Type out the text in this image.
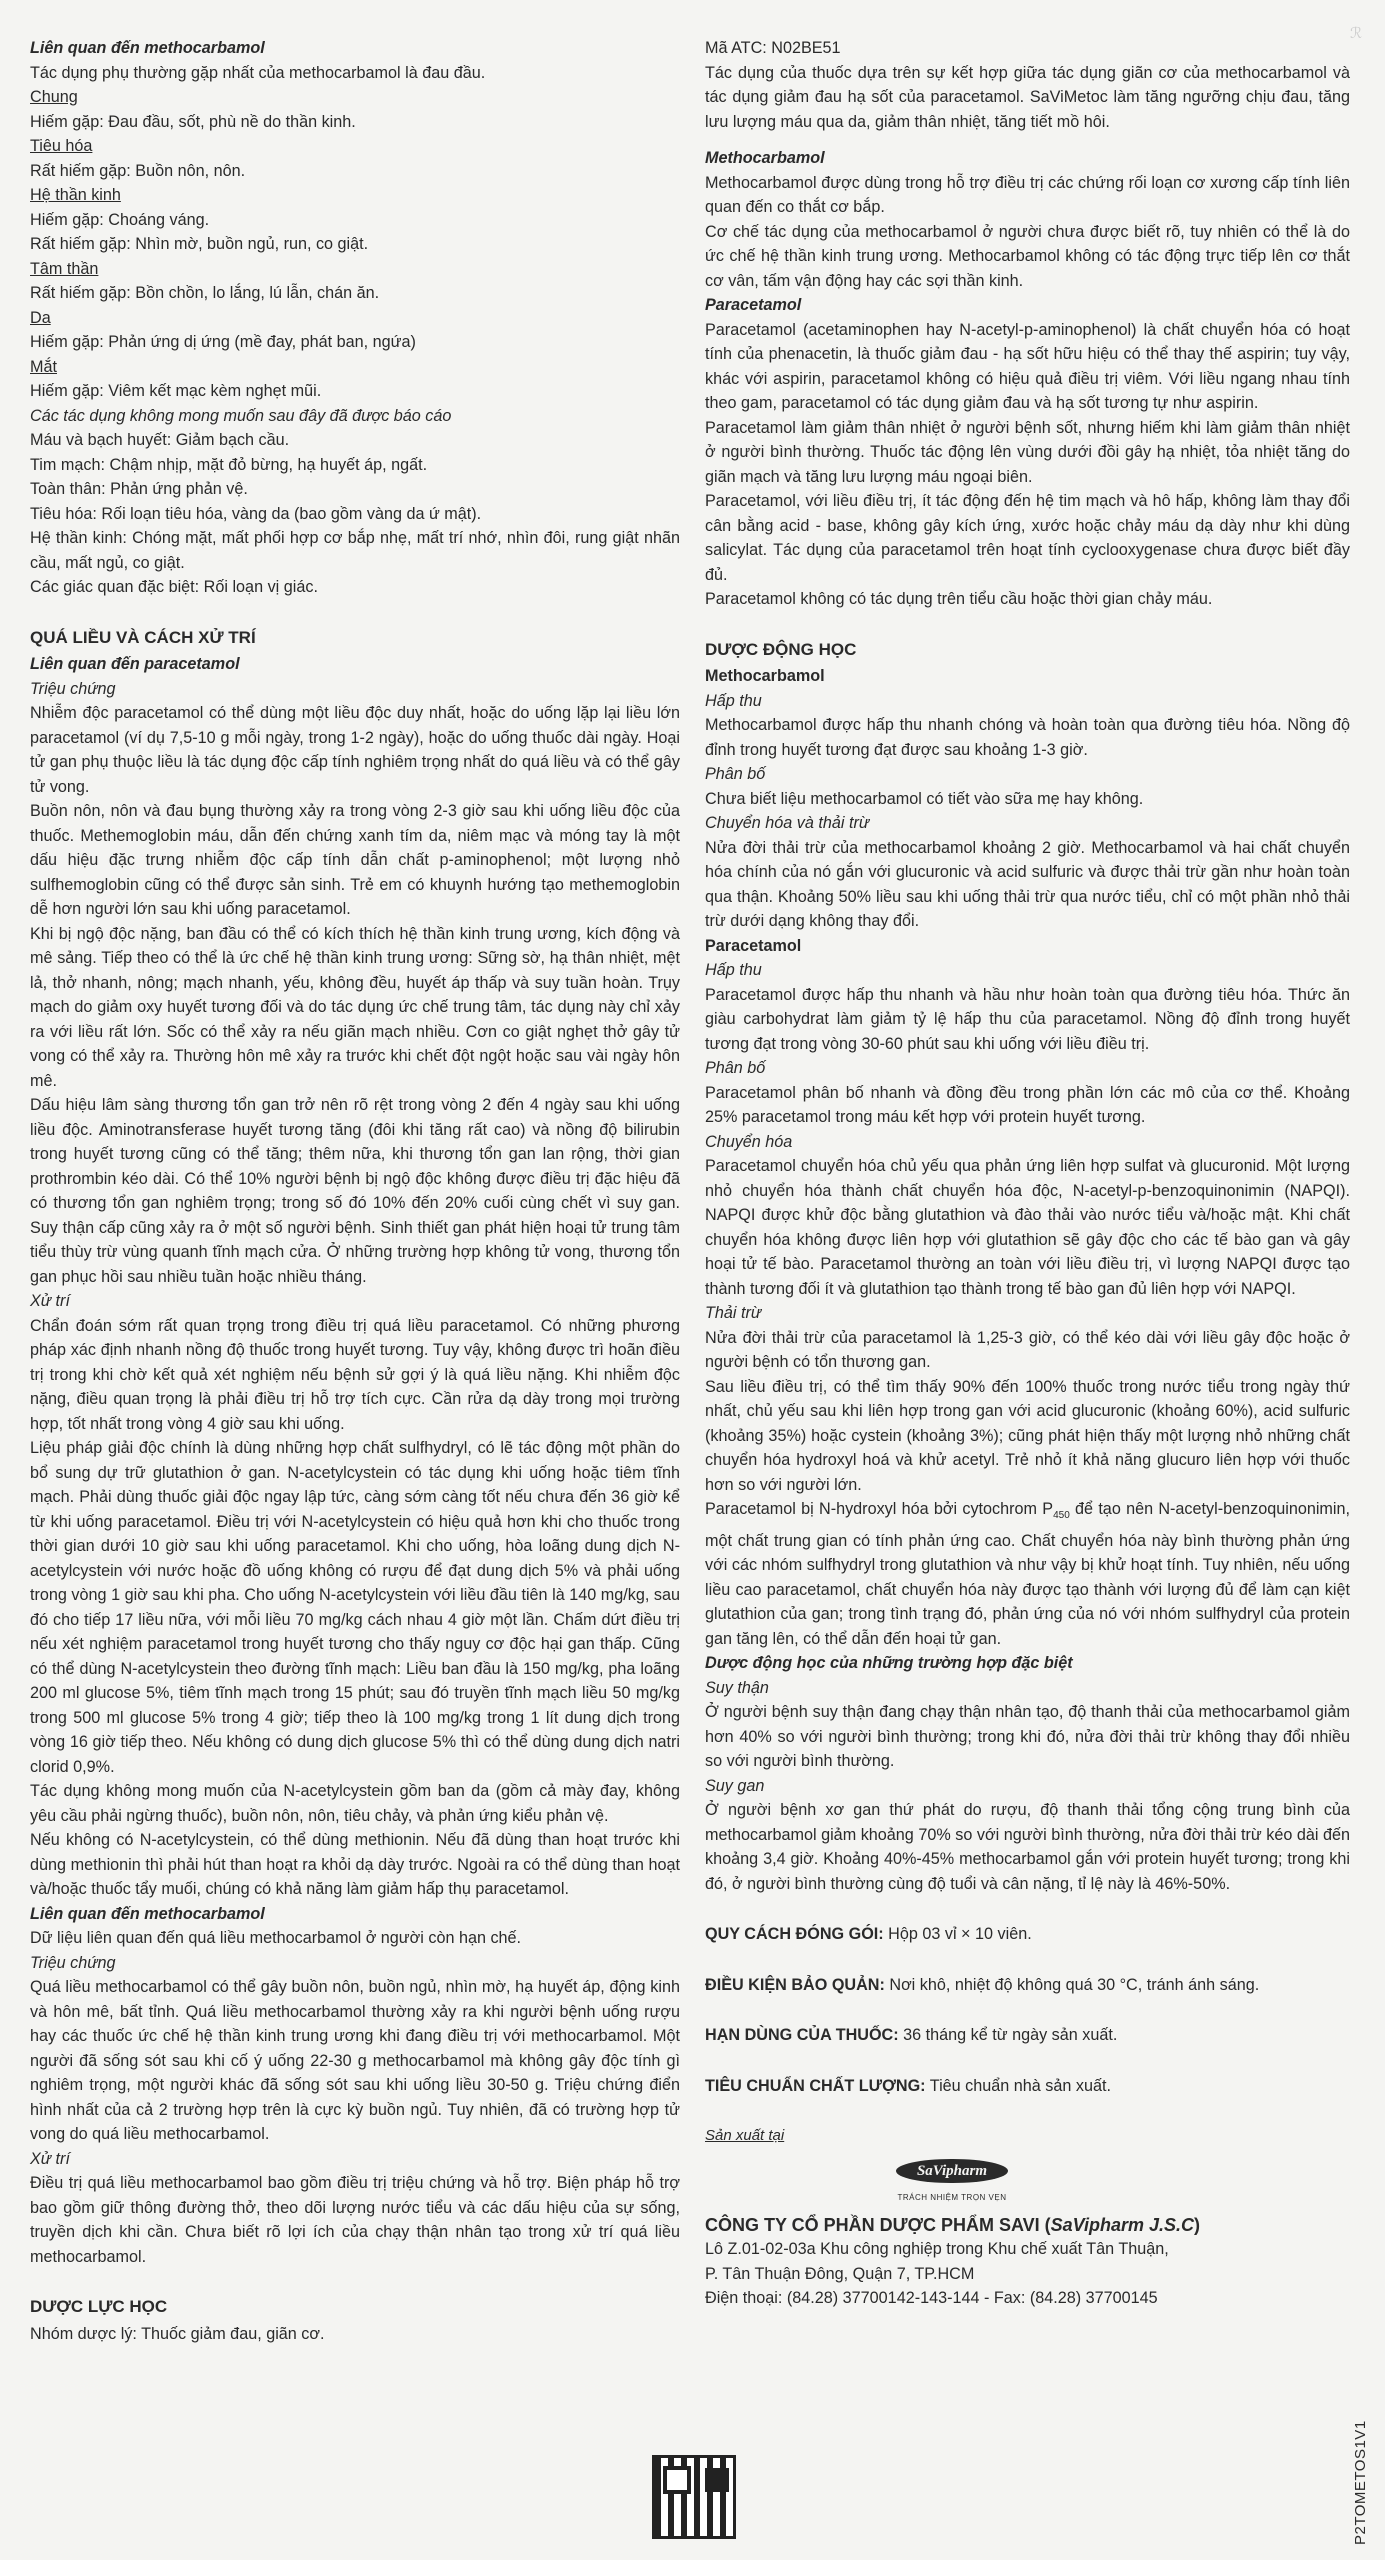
ℛ

Liên quan đến methocarbamol

Tác dụng phụ thường gặp nhất của methocarbamol là đau đầu.

Chung

Hiếm gặp: Đau đầu, sốt, phù nề do thần kinh.

Tiêu hóa

Rất hiếm gặp: Buồn nôn, nôn.

Hệ thần kinh

Hiếm gặp: Choáng váng.

Rất hiếm gặp: Nhìn mờ, buồn ngủ, run, co giật.

Tâm thần

Rất hiếm gặp: Bồn chồn, lo lắng, lú lẫn, chán ăn.

Da

Hiếm gặp: Phản ứng dị ứng (mề đay, phát ban, ngứa)

Mắt

Hiếm gặp: Viêm kết mạc kèm nghẹt mũi.

Các tác dụng không mong muốn sau đây đã được báo cáo

Máu và bạch huyết: Giảm bạch cầu.

Tim mạch: Chậm nhịp, mặt đỏ bừng, hạ huyết áp, ngất.

Toàn thân: Phản ứng phản vệ.

Tiêu hóa: Rối loạn tiêu hóa, vàng da (bao gồm vàng da ứ mật).

Hệ thần kinh: Chóng mặt, mất phối hợp cơ bắp nhẹ, mất trí nhớ, nhìn đôi, rung giật nhãn cầu, mất ngủ, co giật.

Các giác quan đặc biệt: Rối loạn vị giác.

QUÁ LIỀU VÀ CÁCH XỬ TRÍ

Liên quan đến paracetamol

Triệu chứng

Nhiễm độc paracetamol có thể dùng một liều độc duy nhất, hoặc do uống lặp lại liều lớn paracetamol (ví dụ 7,5-10 g mỗi ngày, trong 1-2 ngày), hoặc do uống thuốc dài ngày. Hoại tử gan phụ thuộc liều là tác dụng độc cấp tính nghiêm trọng nhất do quá liều và có thể gây tử vong.

Buồn nôn, nôn và đau bụng thường xảy ra trong vòng 2-3 giờ sau khi uống liều độc của thuốc. Methemoglobin máu, dẫn đến chứng xanh tím da, niêm mạc và móng tay là một dấu hiệu đặc trưng nhiễm độc cấp tính dẫn chất p-aminophenol; một lượng nhỏ sulfhemoglobin cũng có thể được sản sinh. Trẻ em có khuynh hướng tạo methemoglobin dễ hơn người lớn sau khi uống paracetamol.

Khi bị ngộ độc nặng, ban đầu có thể có kích thích hệ thần kinh trung ương, kích động và mê sảng. Tiếp theo có thể là ức chế hệ thần kinh trung ương: Sững sờ, hạ thân nhiệt, mệt lả, thở nhanh, nông; mạch nhanh, yếu, không đều, huyết áp thấp và suy tuần hoàn. Trụy mạch do giảm oxy huyết tương đối và do tác dụng ức chế trung tâm, tác dụng này chỉ xảy ra với liều rất lớn. Sốc có thể xảy ra nếu giãn mạch nhiều. Cơn co giật nghẹt thở gây tử vong có thể xảy ra. Thường hôn mê xảy ra trước khi chết đột ngột hoặc sau vài ngày hôn mê.

Dấu hiệu lâm sàng thương tổn gan trở nên rõ rệt trong vòng 2 đến 4 ngày sau khi uống liều độc. Aminotransferase huyết tương tăng (đôi khi tăng rất cao) và nồng độ bilirubin trong huyết tương cũng có thể tăng; thêm nữa, khi thương tổn gan lan rộng, thời gian prothrombin kéo dài. Có thể 10% người bệnh bị ngộ độc không được điều trị đặc hiệu đã có thương tổn gan nghiêm trọng; trong số đó 10% đến 20% cuối cùng chết vì suy gan. Suy thận cấp cũng xảy ra ở một số người bệnh. Sinh thiết gan phát hiện hoại tử trung tâm tiểu thùy trừ vùng quanh tĩnh mạch cửa. Ở những trường hợp không tử vong, thương tổn gan phục hồi sau nhiều tuần hoặc nhiều tháng.

Xử trí

Chẩn đoán sớm rất quan trọng trong điều trị quá liều paracetamol. Có những phương pháp xác định nhanh nồng độ thuốc trong huyết tương. Tuy vậy, không được trì hoãn điều trị trong khi chờ kết quả xét nghiệm nếu bệnh sử gợi ý là quá liều nặng. Khi nhiễm độc nặng, điều quan trọng là phải điều trị hỗ trợ tích cực. Cần rửa dạ dày trong mọi trường hợp, tốt nhất trong vòng 4 giờ sau khi uống.

Liệu pháp giải độc chính là dùng những hợp chất sulfhydryl, có lẽ tác động một phần do bổ sung dự trữ glutathion ở gan. N-acetylcystein có tác dụng khi uống hoặc tiêm tĩnh mạch. Phải dùng thuốc giải độc ngay lập tức, càng sớm càng tốt nếu chưa đến 36 giờ kể từ khi uống paracetamol. Điều trị với N-acetylcystein có hiệu quả hơn khi cho thuốc trong thời gian dưới 10 giờ sau khi uống paracetamol. Khi cho uống, hòa loãng dung dịch N-acetylcystein với nước hoặc đồ uống không có rượu để đạt dung dịch 5% và phải uống trong vòng 1 giờ sau khi pha. Cho uống N-acetylcystein với liều đầu tiên là 140 mg/kg, sau đó cho tiếp 17 liều nữa, với mỗi liều 70 mg/kg cách nhau 4 giờ một lần. Chấm dứt điều trị nếu xét nghiệm paracetamol trong huyết tương cho thấy nguy cơ độc hại gan thấp. Cũng có thể dùng N-acetylcystein theo đường tĩnh mạch: Liều ban đầu là 150 mg/kg, pha loãng 200 ml glucose 5%, tiêm tĩnh mạch trong 15 phút; sau đó truyền tĩnh mạch liều 50 mg/kg trong 500 ml glucose 5% trong 4 giờ; tiếp theo là 100 mg/kg trong 1 lít dung dịch trong vòng 16 giờ tiếp theo. Nếu không có dung dịch glucose 5% thì có thể dùng dung dịch natri clorid 0,9%.

Tác dụng không mong muốn của N-acetylcystein gồm ban da (gồm cả mày đay, không yêu cầu phải ngừng thuốc), buồn nôn, nôn, tiêu chảy, và phản ứng kiểu phản vệ.

Nếu không có N-acetylcystein, có thể dùng methionin. Nếu đã dùng than hoạt trước khi dùng methionin thì phải hút than hoạt ra khỏi dạ dày trước. Ngoài ra có thể dùng than hoạt và/hoặc thuốc tẩy muối, chúng có khả năng làm giảm hấp thụ paracetamol.

Liên quan đến methocarbamol

Dữ liệu liên quan đến quá liều methocarbamol ở người còn hạn chế.

Triệu chứng

Quá liều methocarbamol có thể gây buồn nôn, buồn ngủ, nhìn mờ, hạ huyết áp, động kinh và hôn mê, bất tỉnh. Quá liều methocarbamol thường xảy ra khi người bệnh uống rượu hay các thuốc ức chế hệ thần kinh trung ương khi đang điều trị với methocarbamol. Một người đã sống sót sau khi cố ý uống 22-30 g methocarbamol mà không gây độc tính gì nghiêm trọng, một người khác đã sống sót sau khi uống liều 30-50 g. Triệu chứng điển hình nhất của cả 2 trường hợp trên là cực kỳ buồn ngủ. Tuy nhiên, đã có trường hợp tử vong do quá liều methocarbamol.

Xử trí

Điều trị quá liều methocarbamol bao gồm điều trị triệu chứng và hỗ trợ. Biện pháp hỗ trợ bao gồm giữ thông đường thở, theo dõi lượng nước tiểu và các dấu hiệu của sự sống, truyền dịch khi cần. Chưa biết rõ lợi ích của chạy thận nhân tạo trong xử trí quá liều methocarbamol.

DƯỢC LỰC HỌC

Nhóm dược lý: Thuốc giảm đau, giãn cơ.

Mã ATC: N02BE51

Tác dụng của thuốc dựa trên sự kết hợp giữa tác dụng giãn cơ của methocarbamol và tác dụng giảm đau hạ sốt của paracetamol. SaViMetoc làm tăng ngưỡng chịu đau, tăng lưu lượng máu qua da, giảm thân nhiệt, tăng tiết mồ hôi.

Methocarbamol

Methocarbamol được dùng trong hỗ trợ điều trị các chứng rối loạn cơ xương cấp tính liên quan đến co thắt cơ bắp.

Cơ chế tác dụng của methocarbamol ở người chưa được biết rõ, tuy nhiên có thể là do ức chế hệ thần kinh trung ương. Methocarbamol không có tác động trực tiếp lên cơ thắt cơ vân, tấm vận động hay các sợi thần kinh.

Paracetamol

Paracetamol (acetaminophen hay N-acetyl-p-aminophenol) là chất chuyển hóa có hoạt tính của phenacetin, là thuốc giảm đau - hạ sốt hữu hiệu có thể thay thế aspirin; tuy vậy, khác với aspirin, paracetamol không có hiệu quả điều trị viêm. Với liều ngang nhau tính theo gam, paracetamol có tác dụng giảm đau và hạ sốt tương tự như aspirin.

Paracetamol làm giảm thân nhiệt ở người bệnh sốt, nhưng hiếm khi làm giảm thân nhiệt ở người bình thường. Thuốc tác động lên vùng dưới đồi gây hạ nhiệt, tỏa nhiệt tăng do giãn mạch và tăng lưu lượng máu ngoại biên.

Paracetamol, với liều điều trị, ít tác động đến hệ tim mạch và hô hấp, không làm thay đổi cân bằng acid - base, không gây kích ứng, xước hoặc chảy máu dạ dày như khi dùng salicylat. Tác dụng của paracetamol trên hoạt tính cyclooxygenase chưa được biết đầy đủ.

Paracetamol không có tác dụng trên tiểu cầu hoặc thời gian chảy máu.

DƯỢC ĐỘNG HỌC

Methocarbamol

Hấp thu

Methocarbamol được hấp thu nhanh chóng và hoàn toàn qua đường tiêu hóa. Nồng độ đỉnh trong huyết tương đạt được sau khoảng 1-3 giờ.

Phân bố

Chưa biết liệu methocarbamol có tiết vào sữa mẹ hay không.

Chuyển hóa và thải trừ

Nửa đời thải trừ của methocarbamol khoảng 2 giờ. Methocarbamol và hai chất chuyển hóa chính của nó gắn với glucuronic và acid sulfuric và được thải trừ gần như hoàn toàn qua thận. Khoảng 50% liều sau khi uống thải trừ qua nước tiểu, chỉ có một phần nhỏ thải trừ dưới dạng không thay đổi.

Paracetamol

Hấp thu

Paracetamol được hấp thu nhanh và hầu như hoàn toàn qua đường tiêu hóa. Thức ăn giàu carbohydrat làm giảm tỷ lệ hấp thu của paracetamol. Nồng độ đỉnh trong huyết tương đạt trong vòng 30-60 phút sau khi uống với liều điều trị.

Phân bố

Paracetamol phân bố nhanh và đồng đều trong phần lớn các mô của cơ thể. Khoảng 25% paracetamol trong máu kết hợp với protein huyết tương.

Chuyển hóa

Paracetamol chuyển hóa chủ yếu qua phản ứng liên hợp sulfat và glucuronid. Một lượng nhỏ chuyển hóa thành chất chuyển hóa độc, N-acetyl-p-benzoquinonimin (NAPQI). NAPQI được khử độc bằng glutathion và đào thải vào nước tiểu và/hoặc mật. Khi chất chuyển hóa không được liên hợp với glutathion sẽ gây độc cho các tế bào gan và gây hoại tử tế bào. Paracetamol thường an toàn với liều điều trị, vì lượng NAPQI được tạo thành tương đối ít và glutathion tạo thành trong tế bào gan đủ liên hợp với NAPQI.

Thải trừ

Nửa đời thải trừ của paracetamol là 1,25-3 giờ, có thể kéo dài với liều gây độc hoặc ở người bệnh có tổn thương gan.

Sau liều điều trị, có thể tìm thấy 90% đến 100% thuốc trong nước tiểu trong ngày thứ nhất, chủ yếu sau khi liên hợp trong gan với acid glucuronic (khoảng 60%), acid sulfuric (khoảng 35%) hoặc cystein (khoảng 3%); cũng phát hiện thấy một lượng nhỏ những chất chuyển hóa hydroxyl hoá và khử acetyl. Trẻ nhỏ ít khả năng glucuro liên hợp với thuốc hơn so với người lớn.

Paracetamol bị N-hydroxyl hóa bởi cytochrom $P_{450}$ để tạo nên N-acetyl-benzoquinonimin, một chất trung gian có tính phản ứng cao. Chất chuyển hóa này bình thường phản ứng với các nhóm sulfhydryl trong glutathion và như vậy bị khử hoạt tính. Tuy nhiên, nếu uống liều cao paracetamol, chất chuyển hóa này được tạo thành với lượng đủ để làm cạn kiệt glutathion của gan; trong tình trạng đó, phản ứng của nó với nhóm sulfhydryl của protein gan tăng lên, có thể dẫn đến hoại tử gan.

Dược động học của những trường hợp đặc biệt

Suy thận

Ở người bệnh suy thận đang chạy thận nhân tạo, độ thanh thải của methocarbamol giảm hơn 40% so với người bình thường; trong khi đó, nửa đời thải trừ không thay đổi nhiều so với người bình thường.

Suy gan

Ở người bệnh xơ gan thứ phát do rượu, độ thanh thải tổng cộng trung bình của methocarbamol giảm khoảng 70% so với người bình thường, nửa đời thải trừ kéo dài đến khoảng 3,4 giờ. Khoảng 40%-45% methocarbamol gắn với protein huyết tương; trong khi đó, ở người bình thường cùng độ tuổi và cân nặng, tỉ lệ này là 46%-50%.

QUY CÁCH ĐÓNG GÓI: Hộp 03 vỉ × 10 viên.

ĐIỀU KIỆN BẢO QUẢN: Nơi khô, nhiệt độ không quá 30 °C, tránh ánh sáng.

HẠN DÙNG CỦA THUỐC: 36 tháng kể từ ngày sản xuất.

TIÊU CHUẨN CHẤT LƯỢNG: Tiêu chuẩn nhà sản xuất.

Sản xuất tại

SaVipharm
TRÁCH NHIỆM TRỌN VẸN

CÔNG TY CỔ PHẦN DƯỢC PHẨM SAVI (SaVipharm J.S.C)

Lô Z.01-02-03a Khu công nghiệp trong Khu chế xuất Tân Thuận,

P. Tân Thuận Đông, Quận 7, TP.HCM

Điện thoại: (84.28) 37700142-143-144 - Fax: (84.28) 37700145

P2TOMETOS1V1
